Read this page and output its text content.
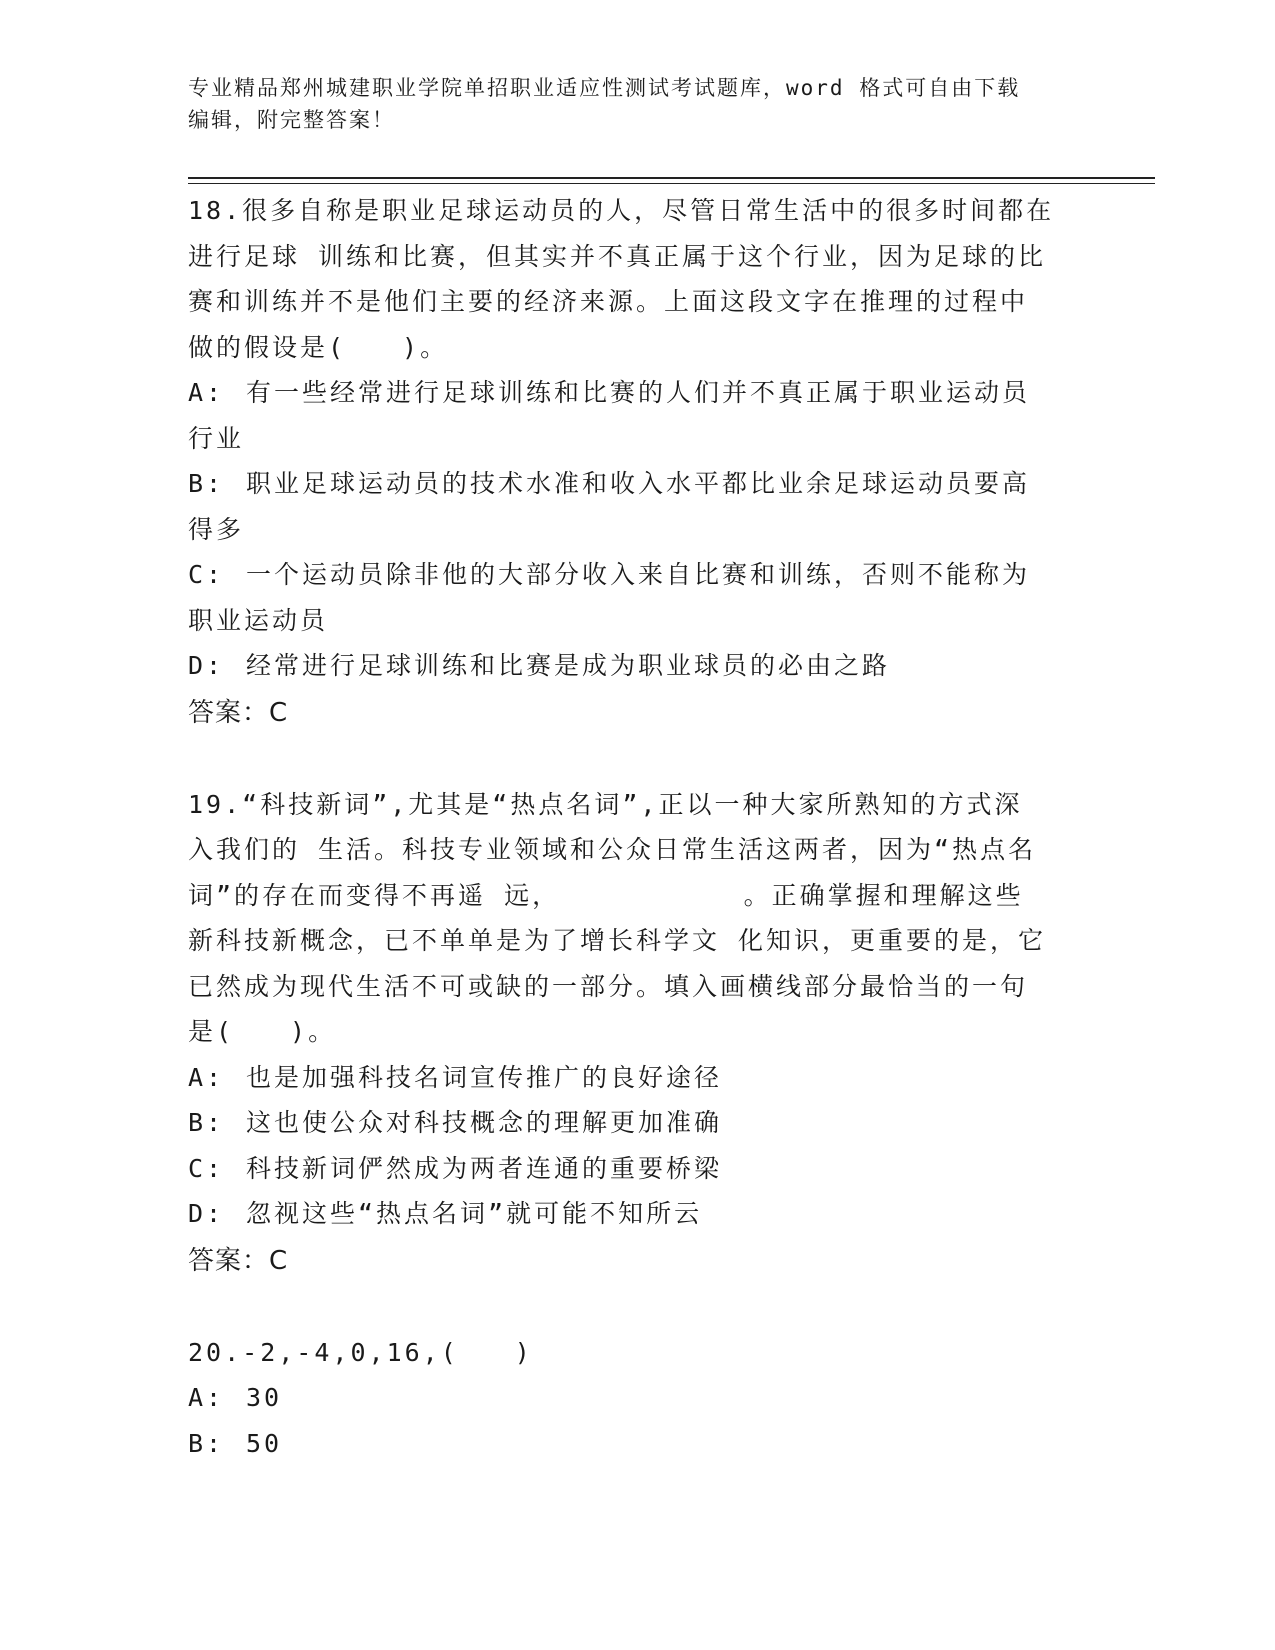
专业精品郑州城建职业学院单招职业适应性测试考试题库，word 格式可自由下载
编辑，附完整答案！
18.很多自称是职业足球运动员的人，尽管日常生活中的很多时间都在
进行足球 训练和比赛，但其实并不真正属于这个行业，因为足球的比
赛和训练并不是他们主要的经济来源。上面这段文字在推理的过程中
做的假设是(　　)。
A: 有一些经常进行足球训练和比赛的人们并不真正属于职业运动员
行业
B: 职业足球运动员的技术水准和收入水平都比业余足球运动员要高
得多
C: 一个运动员除非他的大部分收入来自比赛和训练，否则不能称为
职业运动员
D: 经常进行足球训练和比赛是成为职业球员的必由之路
答案：C
19.“科技新词”,尤其是“热点名词”,正以一种大家所熟知的方式深
入我们的 生活。科技专业领域和公众日常生活这两者，因为“热点名
词”的存在而变得不再遥 远，　　　　　　　。正确掌握和理解这些
新科技新概念，已不单单是为了增长科学文 化知识，更重要的是，它
已然成为现代生活不可或缺的一部分。填入画横线部分最恰当的一句
是(　　)。
A: 也是加强科技名词宣传推广的良好途径
B: 这也使公众对科技概念的理解更加准确
C: 科技新词俨然成为两者连通的重要桥梁
D: 忽视这些“热点名词”就可能不知所云
答案：C
20.-2,-4,0,16,(　　)
A: 30
B: 50
